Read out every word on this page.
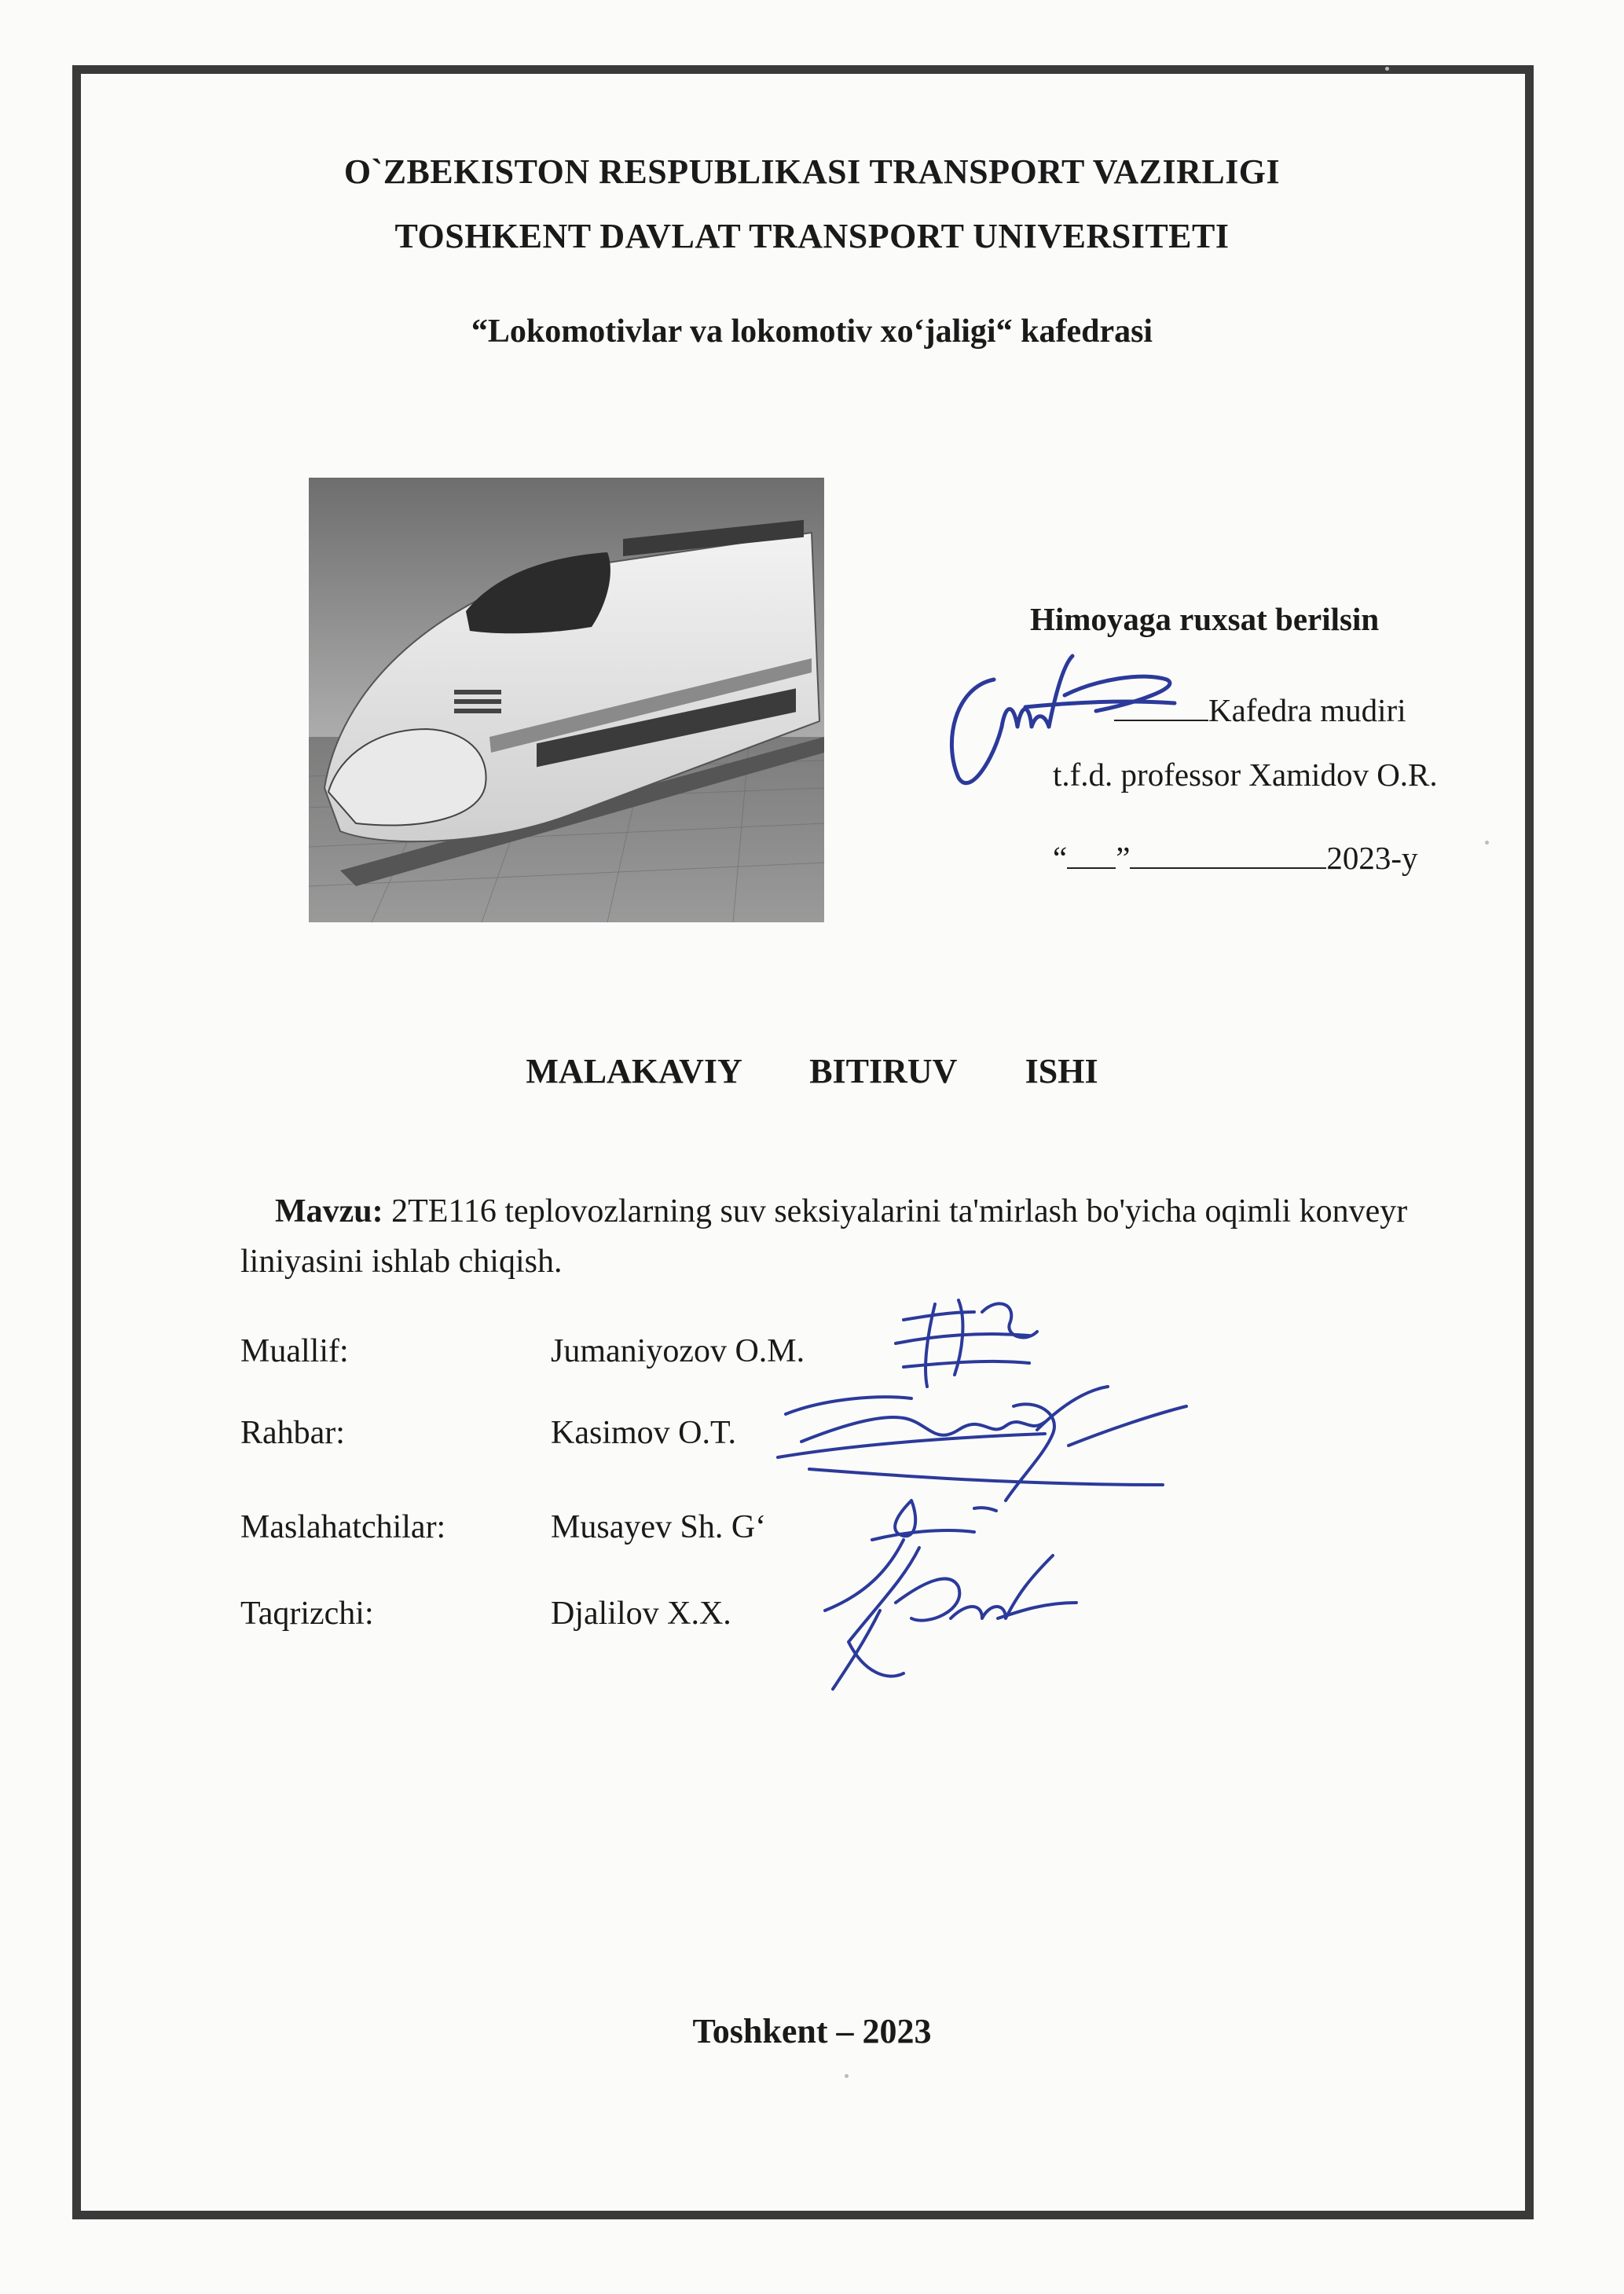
O`ZBEKISTON RESPUBLIKASI TRANSPORT VAZIRLIGI
TOSHKENT DAVLAT TRANSPORT UNIVERSITETI
“Lokomotivlar va lokomotiv xo‘jaligi“ kafedrasi
Himoyaga ruxsat berilsin
Kafedra mudiri
t.f.d. professor Xamidov O.R.
“ ”	2023-y
MALAKAVIY   BITIRUV   ISHI
Mavzu: 2TE116 teplovozlarning suv seksiyalarini ta'mirlash bo'yicha oqimli konveyr liniyasini ishlab chiqish.
Muallif:	Jumaniyozov O.M.
Rahbar:	Kasimov O.T.
Maslahatchilar:	Musayev Sh. G‘
Taqrizchi:	Djalilov X.X.
Toshkent – 2023
